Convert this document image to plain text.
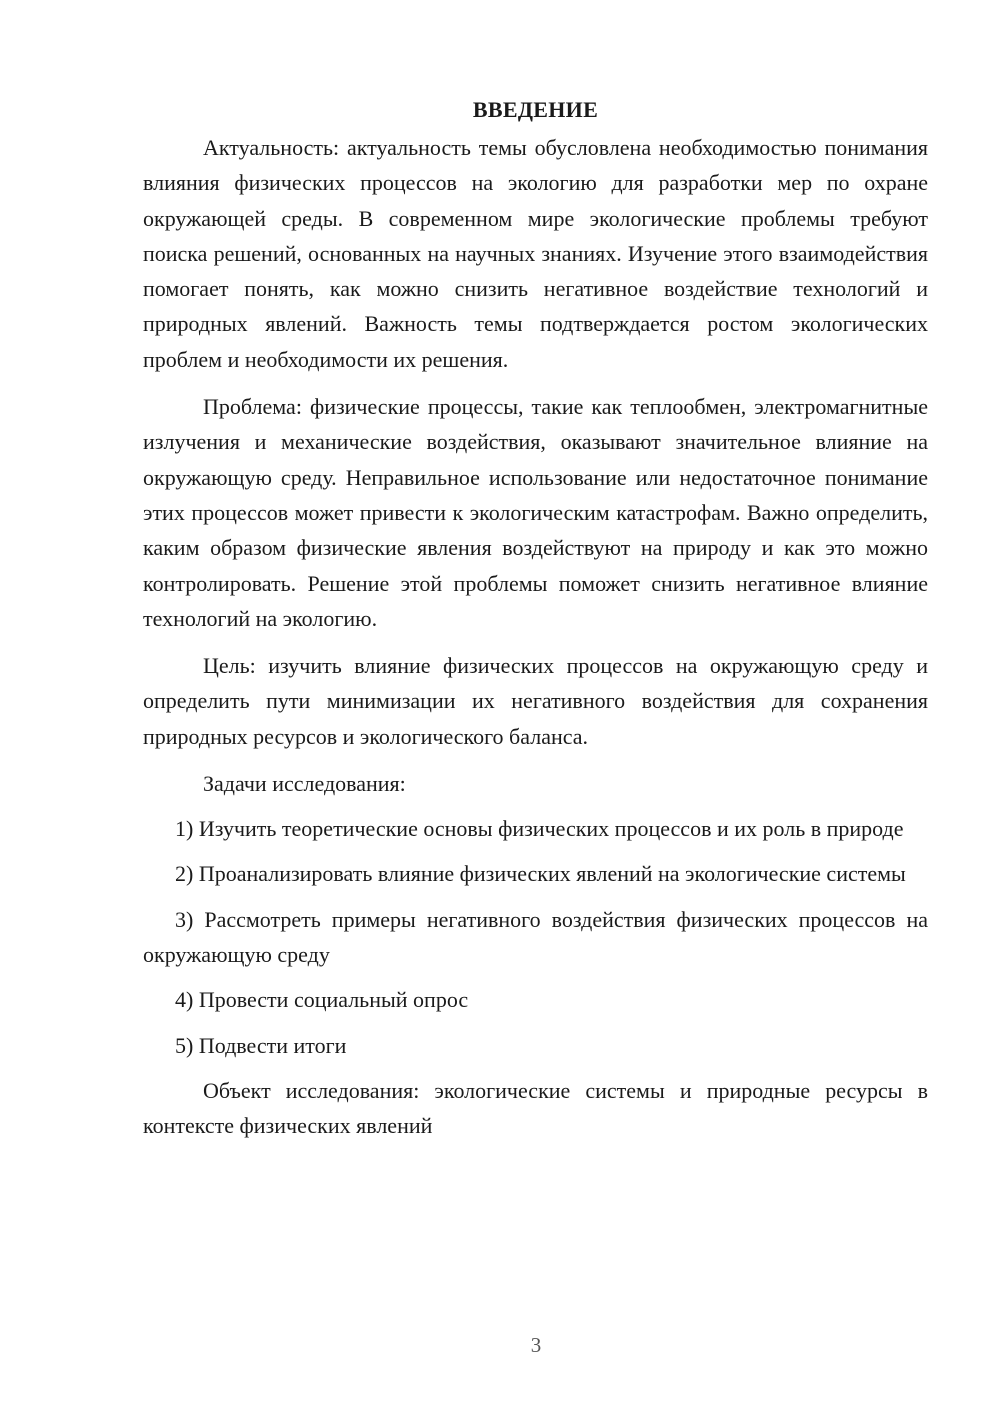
ВВЕДЕНИЕ

Актуальность: актуальность темы обусловлена необходимостью понимания влияния физических процессов на экологию для разработки мер по охране окружающей среды. В современном мире экологические проблемы требуют поиска решений, основанных на научных знаниях. Изучение этого взаимодействия помогает понять, как можно снизить негативное воздействие технологий и природных явлений. Важность темы подтверждается ростом экологических проблем и необходимости их решения.

Проблема: физические процессы, такие как теплообмен, электромагнитные излучения и механические воздействия, оказывают значительное влияние на окружающую среду. Неправильное использование или недостаточное понимание этих процессов может привести к экологическим катастрофам. Важно определить, каким образом физические явления воздействуют на природу и как это можно контролировать. Решение этой проблемы поможет снизить негативное влияние технологий на экологию.

Цель: изучить влияние физических процессов на окружающую среду и определить пути минимизации их негативного воздействия для сохранения природных ресурсов и экологического баланса.

Задачи исследования:

1) Изучить теоретические основы физических процессов и их роль в природе

2) Проанализировать влияние физических явлений на экологические системы

3) Рассмотреть примеры негативного воздействия физических процессов на окружающую среду

4) Провести социальный опрос

5) Подвести итоги

Объект исследования: экологические системы и природные ресурсы в контексте физических явлений

3
